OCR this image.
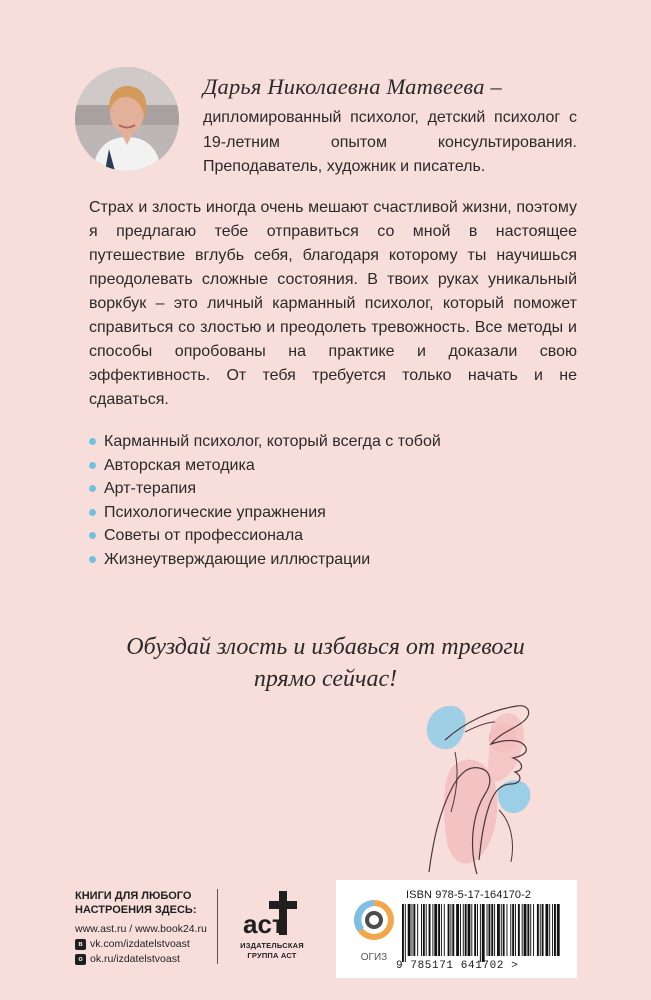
Дарья Николаевна Матвеева –
дипломированный психолог, детский психолог с 19-летним опытом консультирования. Преподаватель, художник и писатель.
Страх и злость иногда очень мешают счастливой жизни, поэтому я предлагаю тебе отправиться со мной в настоящее путешествие вглубь себя, благодаря которому ты научишься преодолевать сложные состояния. В твоих руках уникальный воркбук – это личный карманный психолог, который поможет справиться со злостью и преодолеть тревожность. Все методы и способы опробованы на практике и доказали свою эффективность. От тебя требуется только начать и не сдаваться.
Карманный психолог, который всегда с тобой
Авторская методика
Арт-терапия
Психологические упражнения
Советы от профессионала
Жизнеутверждающие иллюстрации
Обуздай злость и избавься от тревоги
прямо сейчас!
КНИГИ ДЛЯ ЛЮБОГО
НАСТРОЕНИЯ ЗДЕСЬ:
www.ast.ru / www.book24.ru
в vk.com/izdatelstvoast
о ok.ru/izdatelstvoast
аст
ИЗДАТЕЛЬСКАЯ
ГРУППА АСТ	ОГИЗ
ISBN 978-5-17-164170-2
9 785171 641702 >
